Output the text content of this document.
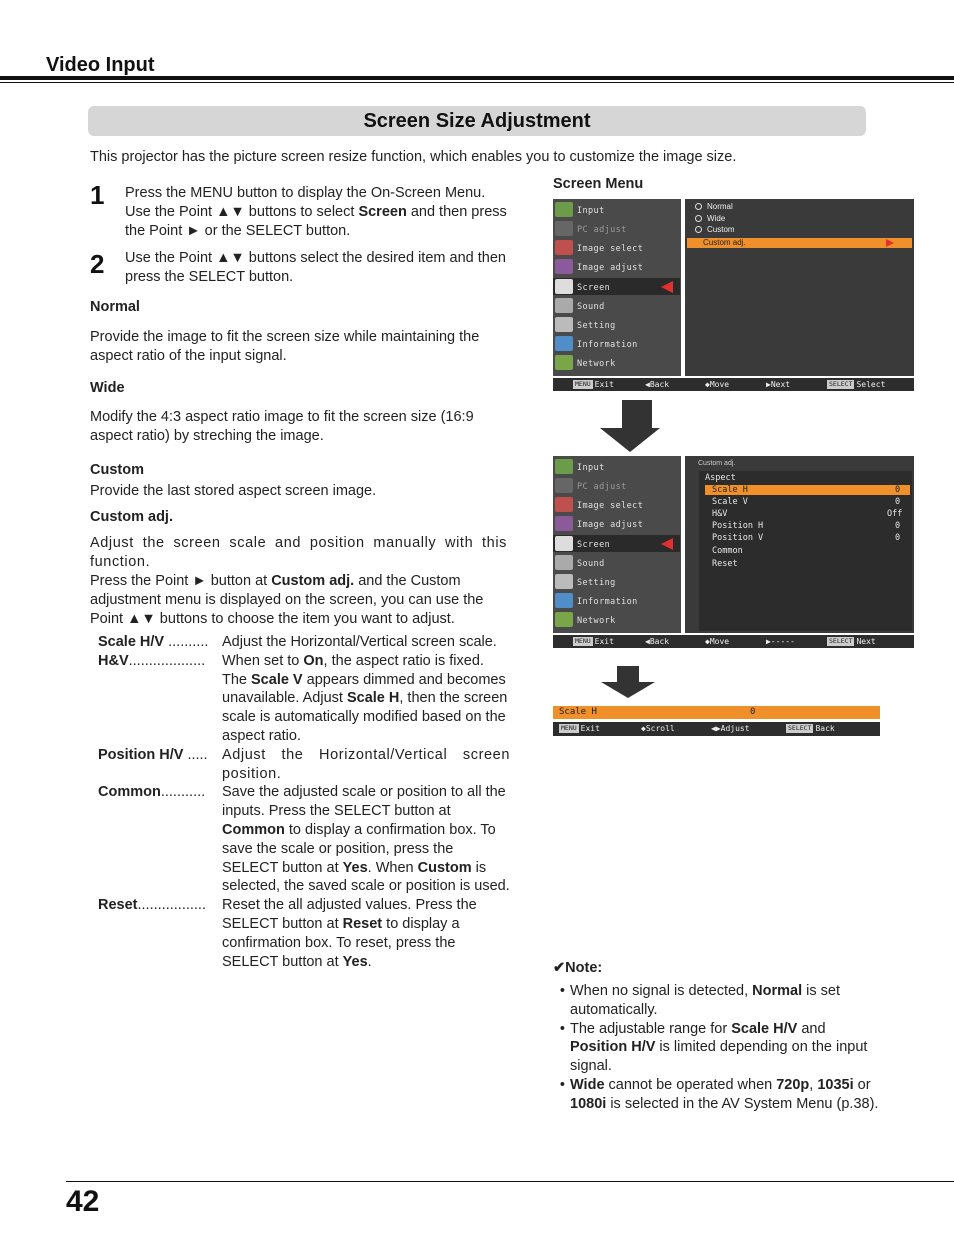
Video Input
Screen Size Adjustment
This projector has the picture screen resize function, which enables you to customize the image size.
1 Press the MENU button to display the On-Screen Menu. Use the Point ▲▼ buttons to select Screen and then press the Point ► or the SELECT button.
2 Use the Point ▲▼ buttons select the desired item and then press the SELECT button.
Normal
Provide the image to fit the screen size while maintaining the aspect ratio of the input signal.
Wide
Modify the 4:3 aspect ratio image to fit the screen size (16:9 aspect ratio) by streching the image.
Custom
Provide the last stored aspect screen image.
Custom adj.
Adjust the screen scale and position manually with this function.
Press the Point ► button at Custom adj. and the Custom adjustment menu is displayed on the screen, you can use the Point ▲▼ buttons to choose the item you want to adjust.
Scale H/V .......... Adjust the Horizontal/Vertical screen scale.
H&V...................	When set to On, the aspect ratio is fixed. The Scale V appears dimmed and becomes unavailable. Adjust Scale H, then the screen scale is automatically modified based on the aspect ratio.
Position H/V ..... Adjust the Horizontal/Vertical screen position.
Common...........	Save the adjusted scale or position to all the inputs. Press the SELECT button at Common to display a confirmation box. To save the scale or position, press the SELECT button at Yes. When Custom is selected, the saved scale or position is used.
Reset.................	Reset the all adjusted values. Press the SELECT button at Reset to display a confirmation box. To reset, press the SELECT button at Yes.
Screen Menu
Input
PC adjust
Image select
Image adjust
Screen
Sound
Setting
Information
Network
Normal
Wide
Custom
Custom adj.
MENU Exit	◀Back	◆Move	▶Next	SELECT Select
Input
PC adjust
Image select
Image adjust
Screen
Sound
Setting
Information
Network
Custom adj.
Aspect
Scale H	0
Scale V	0
H&V	Off
Position H	0
Position V	0
Common
Reset
MENU Exit	◀Back	◆Move	▶-----	SELECT Next
Scale H	0
MENU Exit	◆Scroll	◀▶Adjust	SELECT Back
✔Note:
• When no signal is detected, Normal is set automatically.
• The adjustable range for Scale H/V and Position H/V is limited depending on the input signal.
• Wide cannot be operated when 720p, 1035i or 1080i is selected in the AV System Menu (p.38).
42
